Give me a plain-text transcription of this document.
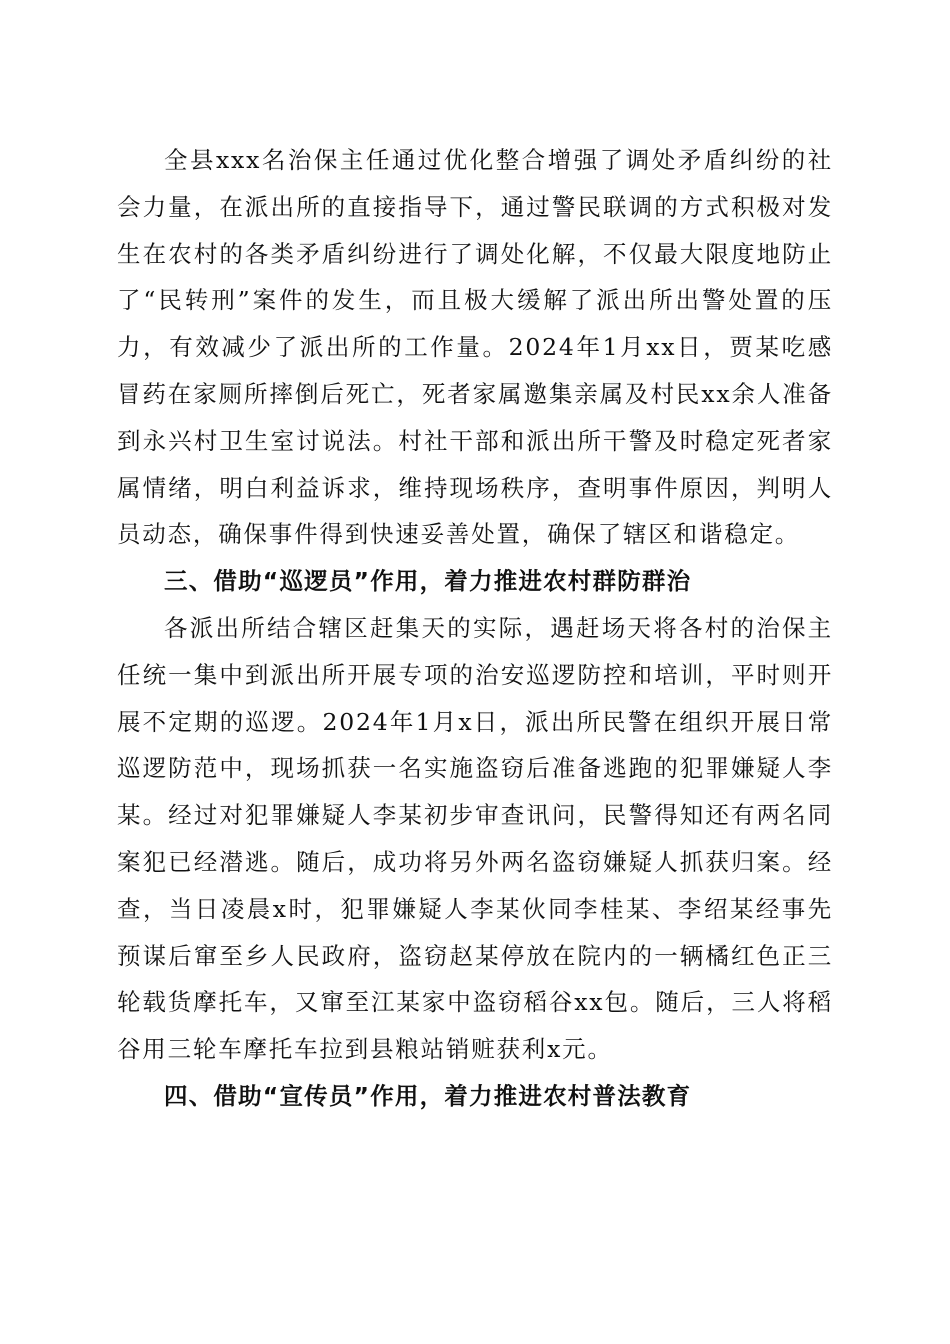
全县xxx名治保主任通过优化整合增强了调处矛盾纠纷的社会力量，在派出所的直接指导下，通过警民联调的方式积极对发生在农村的各类矛盾纠纷进行了调处化解，不仅最大限度地防止了“民转刑”案件的发生，而且极大缓解了派出所出警处置的压力，有效减少了派出所的工作量。2024年1月xx日，贾某吃感冒药在家厕所摔倒后死亡，死者家属邀集亲属及村民xx余人准备到永兴村卫生室讨说法。村社干部和派出所干警及时稳定死者家属情绪，明白利益诉求，维持现场秩序，查明事件原因，判明人员动态，确保事件得到快速妥善处置，确保了辖区和谐稳定。

三、借助“巡逻员”作用，着力推进农村群防群治

各派出所结合辖区赶集天的实际，遇赶场天将各村的治保主任统一集中到派出所开展专项的治安巡逻防控和培训，平时则开展不定期的巡逻。2024年1月x日，派出所民警在组织开展日常巡逻防范中，现场抓获一名实施盗窃后准备逃跑的犯罪嫌疑人李某。经过对犯罪嫌疑人李某初步审查讯问，民警得知还有两名同案犯已经潜逃。随后，成功将另外两名盗窃嫌疑人抓获归案。经查，当日凌晨x时，犯罪嫌疑人李某伙同李桂某、李绍某经事先预谋后窜至乡人民政府，盗窃赵某停放在院内的一辆橘红色正三轮载货摩托车，又窜至江某家中盗窃稻谷xx包。随后，三人将稻谷用三轮车摩托车拉到县粮站销赃获利x元。

四、借助“宣传员”作用，着力推进农村普法教育
